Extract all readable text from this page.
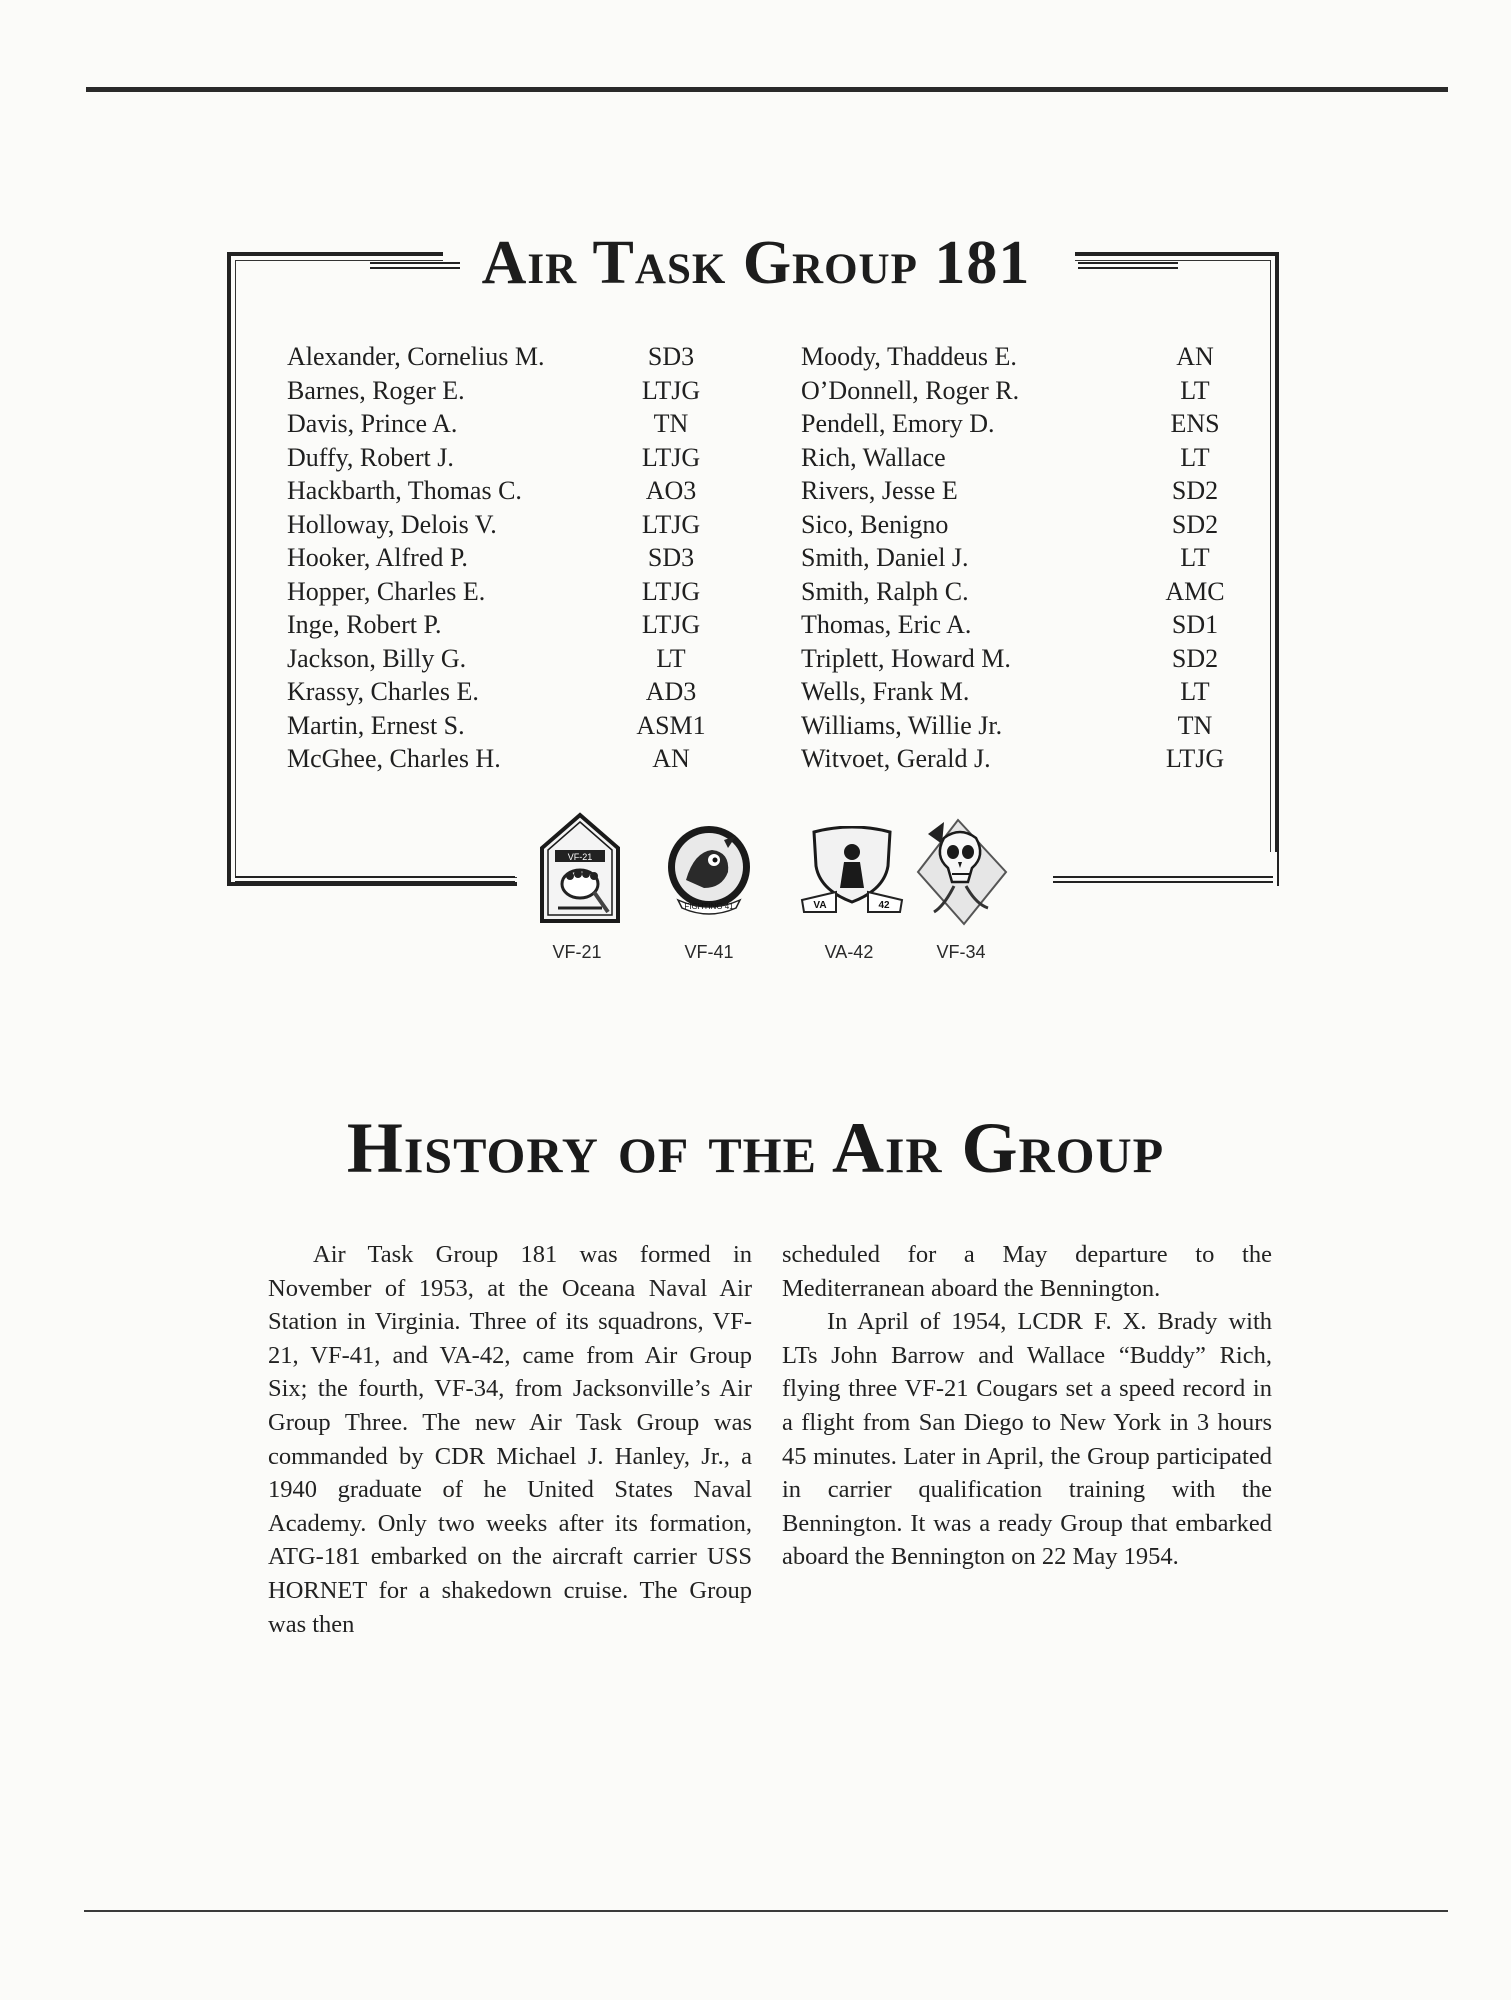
Air Task Group 181
Alexander, Cornelius M.	SD3
Barnes, Roger E.	LTJG
Davis, Prince A.	TN
Duffy, Robert J.	LTJG
Hackbarth, Thomas C.	AO3
Holloway, Delois V.	LTJG
Hooker, Alfred P.	SD3
Hopper, Charles E.	LTJG
Inge, Robert P.	LTJG
Jackson, Billy G.	LT
Krassy, Charles E.	AD3
Martin, Ernest S.	ASM1
McGhee, Charles H.	AN
Moody, Thaddeus E.	AN
O’Donnell, Roger R.	LT
Pendell, Emory D.	ENS
Rich, Wallace	LT
Rivers, Jesse E	SD2
Sico, Benigno	SD2
Smith, Daniel J.	LT
Smith, Ralph C.	AMC
Thomas, Eric A.	SD1
Triplett, Howard M.	SD2
Wells, Frank M.	LT
Williams, Willie Jr.	TN
Witvoet, Gerald J.	LTJG
VF-21
FIGHTING 41	VA	42
VF-21	VF-41	VA-42	VF-34
History of the Air Group

Air Task Group 181 was formed in November of 1953, at the Oceana Naval Air Station in Virginia. Three of its squadrons, VF-21, VF-41, and VA-42, came from Air Group Six; the fourth, VF-34, from Jacksonville’s Air Group Three. The new Air Task Group was commanded by CDR Michael J. Hanley, Jr., a 1940 graduate of he United States Naval Academy. Only two weeks after its formation, ATG-181 embarked on the aircraft carrier USS HORNET for a shakedown cruise. The Group was then

scheduled for a May departure to the Mediterranean aboard the Bennington.

In April of 1954, LCDR F. X. Brady with LTs John Barrow and Wallace “Buddy” Rich, flying three VF-21 Cougars set a speed record in a flight from San Diego to New York in 3 hours 45 minutes. Later in April, the Group participated in carrier qualification training with the Bennington. It was a ready Group that embarked aboard the Bennington on 22 May 1954.
